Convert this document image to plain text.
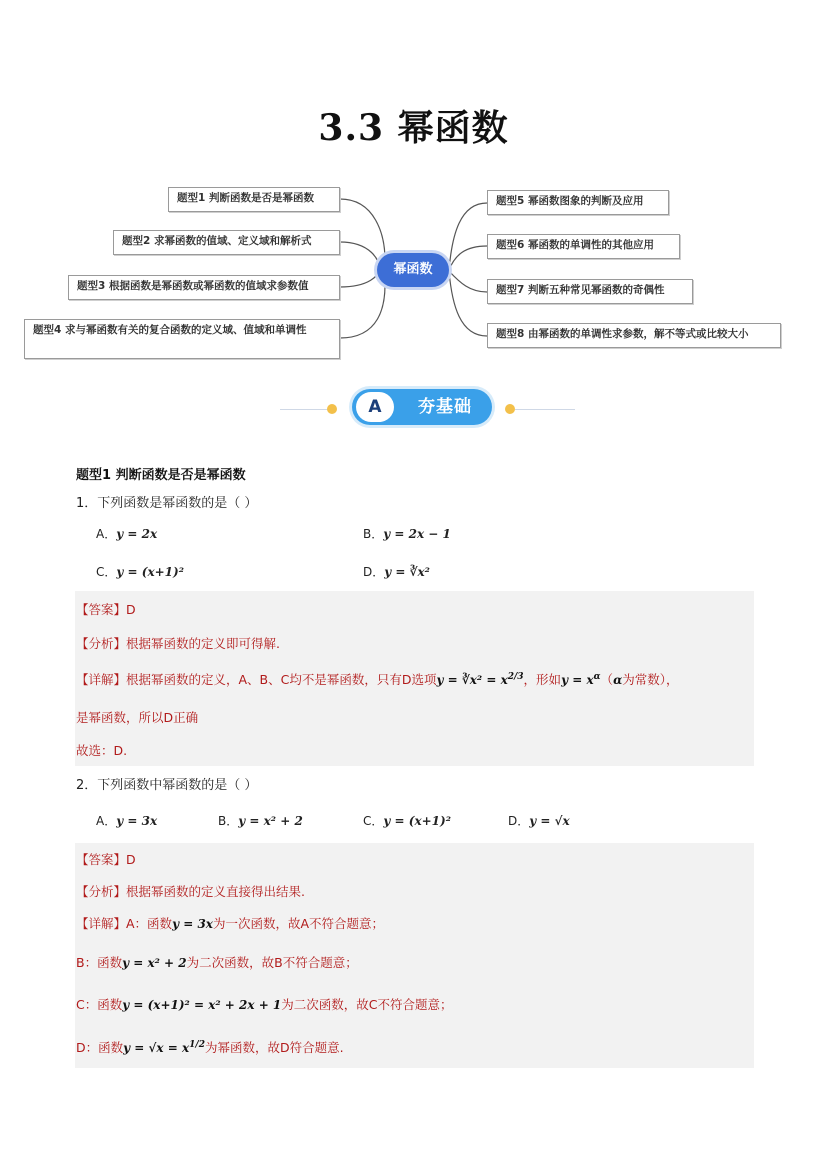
3.3 幂函数
题型1 判断函数是否是幂函数
题型2 求幂函数的值域、定义域和解析式
题型3 根据函数是幂函数或幂函数的值域求参数值
题型4 求与幂函数有关的复合函数的定义域、值域和单调性
幂函数
题型5 幂函数图象的判断及应用
题型6 幂函数的单调性的其他应用
题型7 判断五种常见幂函数的奇偶性
题型8 由幂函数的单调性求参数，解不等式或比较大小
A	夯基础
题型1 判断函数是否是幂函数
1．下列函数是幂函数的是（ ）
A．y = 2x	B．y = 2x − 1
C．y = (x+1)²	D．y = ∛x²
【答案】D
【分析】根据幂函数的定义即可得解.
【详解】根据幂函数的定义，A、B、C均不是幂函数，只有D选项y = ∛x² = $x^{2/3}$，形如$y = x^\alpha(\alpha$为常数），
是幂函数，所以D正确
故选：D.
2．下列函数中幂函数的是（ ）
A．y = 3x	B．y = x² + 2	C．y = (x+1)²	D．y = √x
【答案】D
【分析】根据幂函数的定义直接得出结果.
【详解】A：函数y = 3x为一次函数，故A不符合题意；
B：函数y = x² + 2为二次函数，故B不符合题意；
C：函数y = (x+1)² = x² + 2x + 1为二次函数，故C不符合题意；
D：函数$y = √x = x^{1/2}$为幂函数，故D符合题意.
